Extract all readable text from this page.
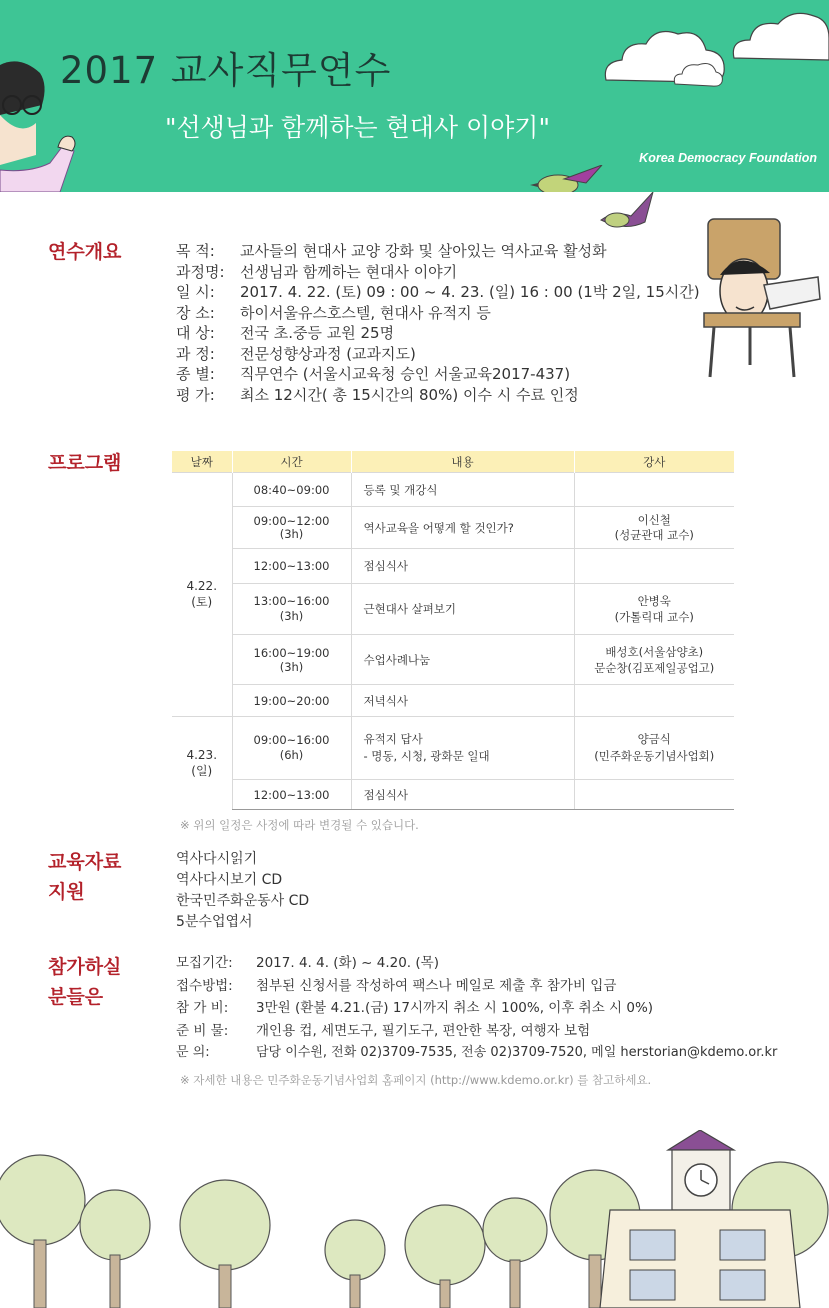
2017 교사직무연수
"선생님과 함께하는 현대사 이야기"
Korea Democracy Foundation
연수개요	목 적: 교사들의 현대사 교양 강화 및 살아있는 역사교육 활성화
과정명: 선생님과 함께하는 현대사 이야기
일 시: 2017. 4. 22. (토) 09 : 00 ~ 4. 23. (일) 16 : 00 (1박 2일, 15시간)
장 소: 하이서울유스호스텔, 현대사 유적지 등
대 상: 전국 초.중등 교원 25명
과 정: 전문성향상과정 (교과지도)
종 별: 직무연수 (서울시교육청 승인 서울교육2017-437)
평 가: 최소 12시간( 총 15시간의 80%) 이수 시 수료 인정
프로그램	날짜	시간	내용	강사
4.22.
(토)	08:40~09:00	등록 및 개강식	
	09:00~12:00
(3h)	역사교육을 어떻게 할 것인가?	이신철
(성균관대 교수)
	12:00~13:00	점심식사	
	13:00~16:00
(3h)	근현대사 살펴보기	안병욱
(가톨릭대 교수)
	16:00~19:00
(3h)	수업사례나눔	배성호(서울삼양초)
문순창(김포제일공업고)
	19:00~20:00	저녁식사	
4.23.
(일)	09:00~16:00
(6h)	유적지 답사
- 명동, 시청, 광화문 일대	양금식
(민주화운동기념사업회)
	12:00~13:00	점심식사	
※ 위의 일정은 사정에 따라 변경될 수 있습니다.
교육자료
지원
역사다시읽기
역사다시보기 CD
한국민주화운동사 CD
5분수업엽서
참가하실
분들은
모집기간: 2017. 4. 4. (화) ~ 4.20. (목)
접수방법: 첨부된 신청서를 작성하여 팩스나 메일로 제출 후 참가비 입금
참 가 비: 3만원 (환불 4.21.(금) 17시까지 취소 시 100%, 이후 취소 시 0%)
준 비 물: 개인용 컵, 세면도구, 필기도구, 편안한 복장, 여행자 보험
문 의:	담당 이수원, 전화 02)3709-7535, 전송 02)3709-7520, 메일 herstorian@kdemo.or.kr
※ 자세한 내용은 민주화운동기념사업회 홈페이지 (http://www.kdemo.or.kr) 를 참고하세요.
